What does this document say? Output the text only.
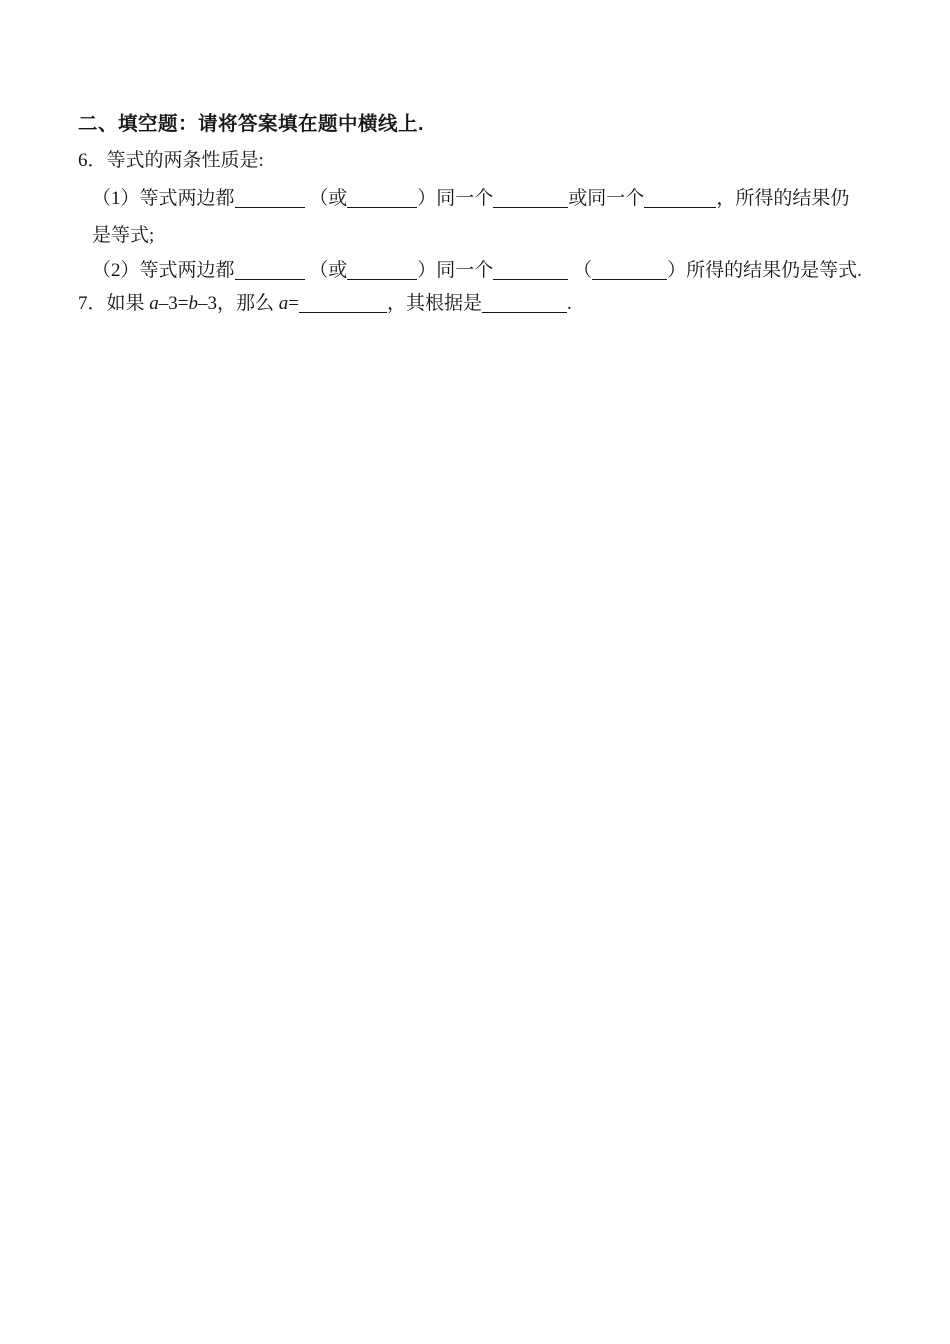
二、填空题：请将答案填在题中横线上.
6．等式的两条性质是:
（1）等式两边都	（或	）同一个	或同一个	，所得的结果仍
是等式;
（2）等式两边都	（或	）同一个	（	）所得的结果仍是等式.
7．如果 a–3=b–3，那么 a=	，其根据是	.
